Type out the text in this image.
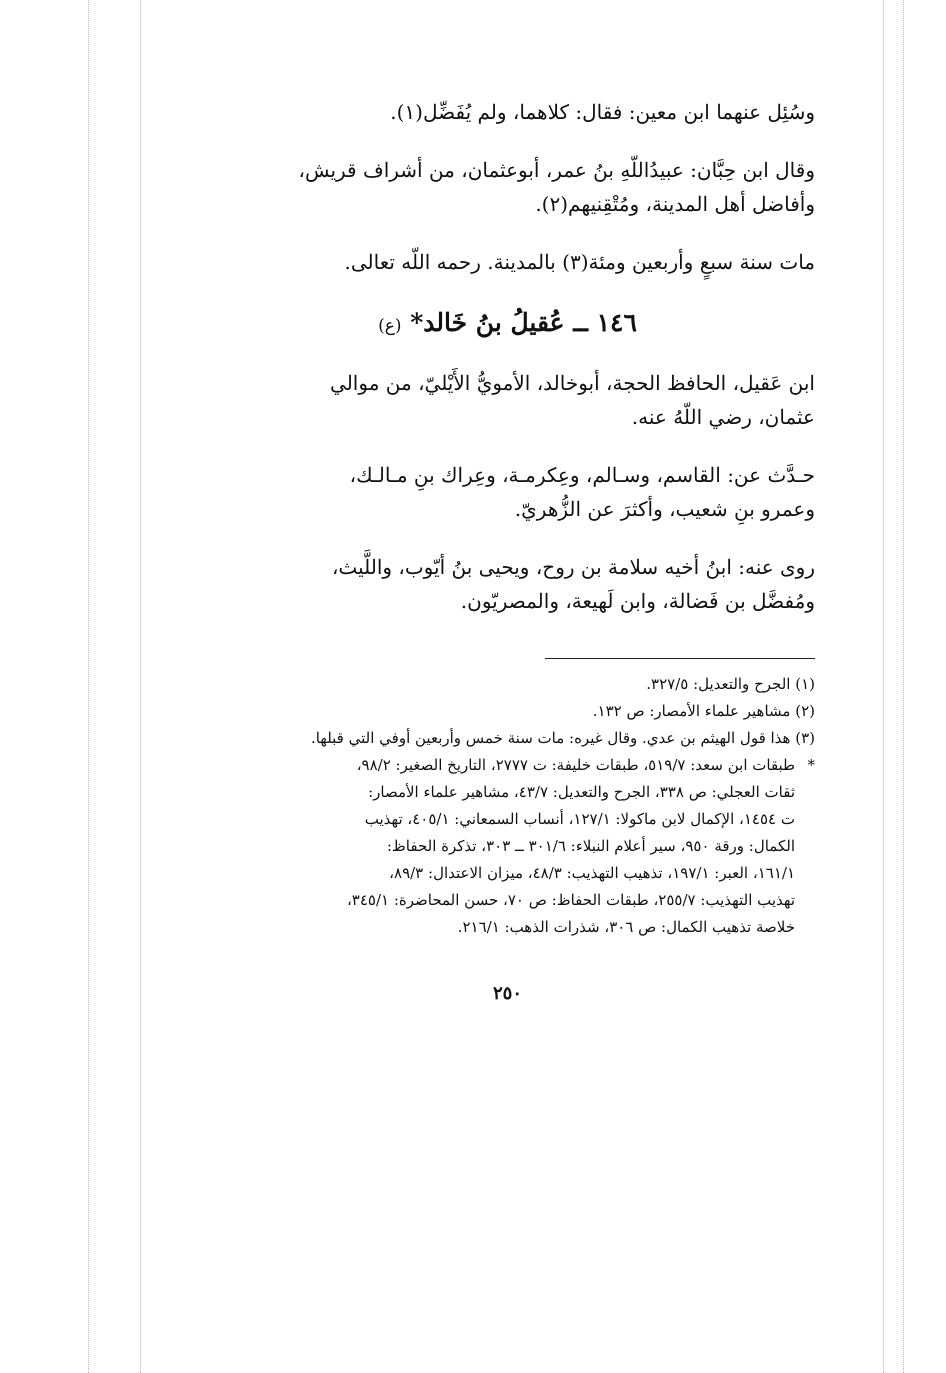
وسُئِل عنهما ابن معين: فقال: كلاهما، ولم يُفَضِّل(١).

وقال ابن حِبَّان: عبيدُاللّهِ بنُ عمر، أبوعثمان، من أشراف قريش،
وأفاضل أهل المدينة، ومُتْقِنيهم(٢).

مات سنة سبعٍ وأربعين ومئة(٣) بالمدينة. رحمه اللّه تعالى.

١٤٦ ــ عُقيلُ بنُ خَالد* (ع)

ابن عَقيل، الحافظ الحجة، أبوخالد، الأمويُّ الأَيْليّ، من موالي
عثمان، رضي اللّهُ عنه.

حـدَّث عن: القاسم، وسـالم، وعِكرمـة، وعِراك بنِ مـالـك،
وعمرو بنِ شعيب، وأكثرَ عن الزُّهريّ.

روى عنه: ابنُ أخيه سلامة بن روح، ويحيى بنُ أيّوب، واللَّيث،
ومُفضَّل بن فَضالة، وابن لَهيعة، والمصريّون.

(١) الجرح والتعديل: ٣٢٧/٥.

(٢) مشاهير علماء الأمصار: ص ١٣٢.

(٣) هذا قول الهيثم بن عدي. وقال غيره: مات سنة خمس وأربعين أوفي التي قبلها.

*
طبقات ابن سعد: ٥١٩/٧، طبقات خليفة: ت ٢٧٧٧، التاريخ الصغير: ٩٨/٢،
ثقات العجلي: ص ٣٣٨، الجرح والتعديل: ٤٣/٧، مشاهير علماء الأمصار:
ت ١٤٥٤، الإكمال لابن ماكولا: ١٢٧/١، أنساب السمعاني: ٤٠٥/١، تهذيب
الكمال: ورقة ٩٥٠، سير أعلام النبلاء: ٣٠١/٦ ــ ٣٠٣، تذكرة الحفاظ:
١٦١/١، العبر: ١٩٧/١، تذهيب التهذيب: ٤٨/٣، ميزان الاعتدال: ٨٩/٣،
تهذيب التهذيب: ٢٥٥/٧، طبقات الحفاظ: ص ٧٠، حسن المحاضرة: ٣٤٥/١،
خلاصة تذهيب الكمال: ص ٣٠٦، شذرات الذهب: ٢١٦/١.
٢٥٠
